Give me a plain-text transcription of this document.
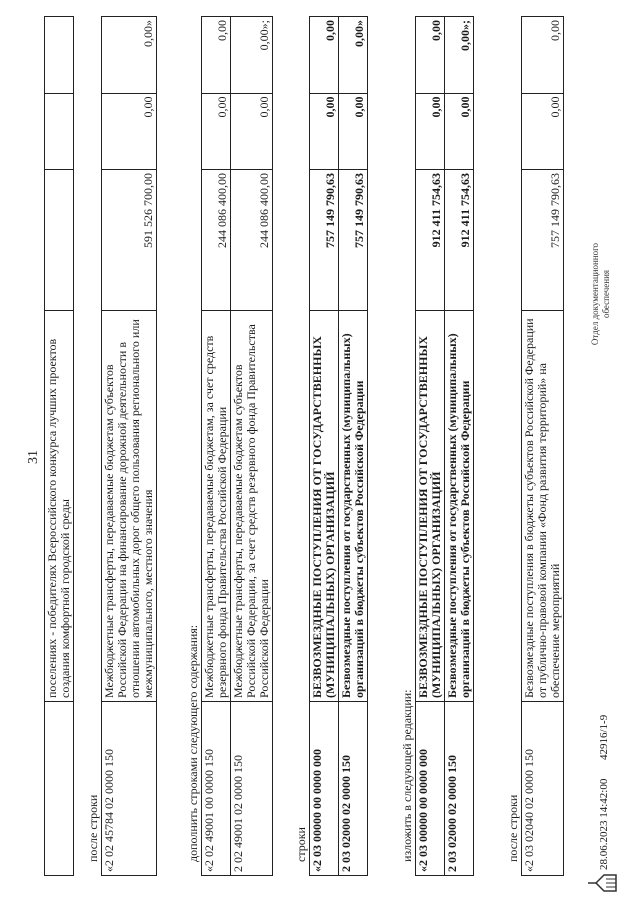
31
	поселениях - победителях Всероссийского конкурса лучших проектов создания комфортной городской среды			
после строки «2 02 45784 02 0000 150	Межбюджетные трансферты, передаваемые бюджетам субъектов Российской Федерации на финансирование дорожной деятельности в отношении автомобильных дорог общего пользования регионального или межмуниципального, местного значения	591 526 700,00	0,00	0,00»
дополнить строками следующего содержания: «2 02 49001 00 0000 150	Межбюджетные трансферты, передаваемые бюджетам, за счет средств резервного фонда Правительства Российской Федерации	244 086 400,00	0,00	0,00
2 02 49001 02 0000 150	Межбюджетные трансферты, передаваемые бюджетам субъектов Российской Федерации, за счет средств резервного фонда Правительства Российской Федерации	244 086 400,00	0,00	0,00»;
строки «2 03 00000 00 0000 000	БЕЗВОЗМЕЗДНЫЕ ПОСТУПЛЕНИЯ ОТ ГОСУДАРСТВЕННЫХ (МУНИЦИПАЛЬНЫХ) ОРГАНИЗАЦИЙ	757 149 790,63	0,00	0,00
2 03 02000 02 0000 150	Безвозмездные поступления от государственных (муниципальных) организаций в бюджеты субъектов Российской Федерации	757 149 790,63	0,00	0,00»
изложить в следующей редакции: «2 03 00000 00 0000 000	БЕЗВОЗМЕЗДНЫЕ ПОСТУПЛЕНИЯ ОТ ГОСУДАРСТВЕННЫХ (МУНИЦИПАЛЬНЫХ) ОРГАНИЗАЦИЙ	912 411 754,63	0,00	0,00
2 03 02000 02 0000 150	Безвозмездные поступления от государственных (муниципальных) организаций в бюджеты субъектов Российской Федерации	912 411 754,63	0,00	0,00»;
после строки «2 03 02040 02 0000 150	Безвозмездные поступления в бюджеты субъектов Российской Федерации от публично-правовой компании «Фонд развития территорий» на обеспечение мероприятий	757 149 790,63	0,00	0,00
28.06.2023 14:42:00
42916/1-9
Отдел документационного обеспечения
